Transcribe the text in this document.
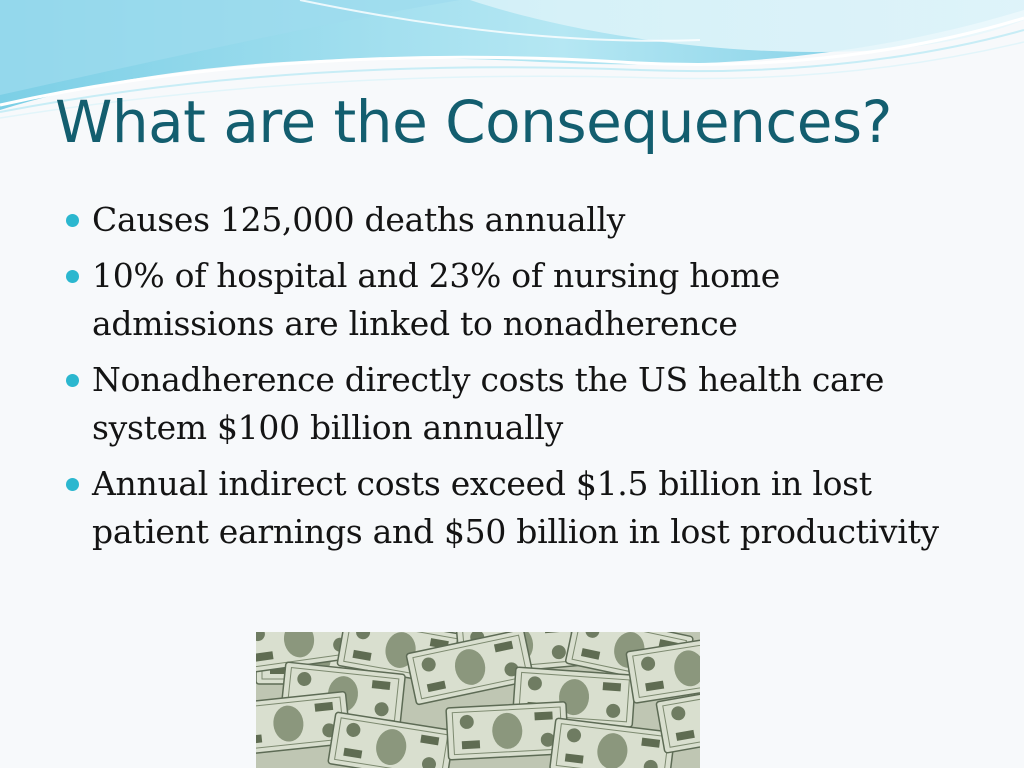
What are the Consequences?
Causes 125,000 deaths annually
10% of hospital and 23% of nursing home admissions are linked to nonadherence
Nonadherence directly costs the US health care system $100 billion annually
Annual indirect costs exceed $1.5 billion in lost patient earnings and $50 billion in lost productivity
